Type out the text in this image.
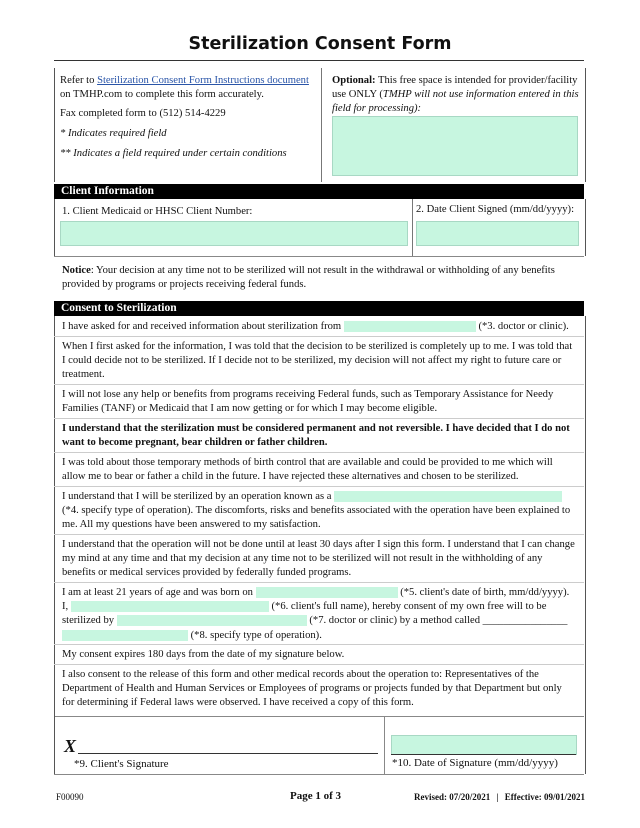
Sterilization Consent Form
Refer to Sterilization Consent Form Instructions document on TMHP.com to complete this form accurately.
Fax completed form to (512) 514-4229
* Indicates required field
** Indicates a field required under certain conditions
Optional: This free space is intended for provider/facility use ONLY (TMHP will not use information entered in this field for processing):
Client Information
1. Client Medicaid or HHSC Client Number:	2. Date Client Signed (mm/dd/yyyy):
Notice: Your decision at any time not to be sterilized will not result in the withdrawal or withholding of any benefits provided by programs or projects receiving federal funds.
Consent to Sterilization
I have asked for and received information about sterilization from	(*3. doctor or clinic).
When I first asked for the information, I was told that the decision to be sterilized is completely up to me. I was told that I could decide not to be sterilized. If I decide not to be sterilized, my decision will not affect my right to future care or treatment.
I will not lose any help or benefits from programs receiving Federal funds, such as Temporary Assistance for Needy Families (TANF) or Medicaid that I am now getting or for which I may become eligible.
I understand that the sterilization must be considered permanent and not reversible. I have decided that I do not want to become pregnant, bear children or father children.
I was told about those temporary methods of birth control that are available and could be provided to me which will allow me to bear or father a child in the future. I have rejected these alternatives and chosen to be sterilized.
I understand that I will be sterilized by an operation known as a
(*4. specify type of operation). The discomforts, risks and benefits associated with the operation have been explained to me. All my questions have been answered to my satisfaction.
I understand that the operation will not be done until at least 30 days after I sign this form. I understand that I can change my mind at any time and that my decision at any time not to be sterilized will not result in the withholding of any benefits or medical services provided by federally funded programs.
I am at least 21 years of age and was born on	(*5. client's date of birth, mm/dd/yyyy).
I,	(*6. client's full name), hereby consent of my own free will to be
sterilized by	(*7. doctor or clinic) by a method called ________________
(*8. specify type of operation).
My consent expires 180 days from the date of my signature below.
I also consent to the release of this form and other medical records about the operation to: Representatives of the Department of Health and Human Services or Employees of programs or projects funded by that Department but only for determining if Federal laws were observed. I have received a copy of this form.
X
*9. Client's Signature	*10. Date of Signature (mm/dd/yyyy)
F00090	Page 1 of 3	Revised: 07/20/2021 | Effective: 09/01/2021
